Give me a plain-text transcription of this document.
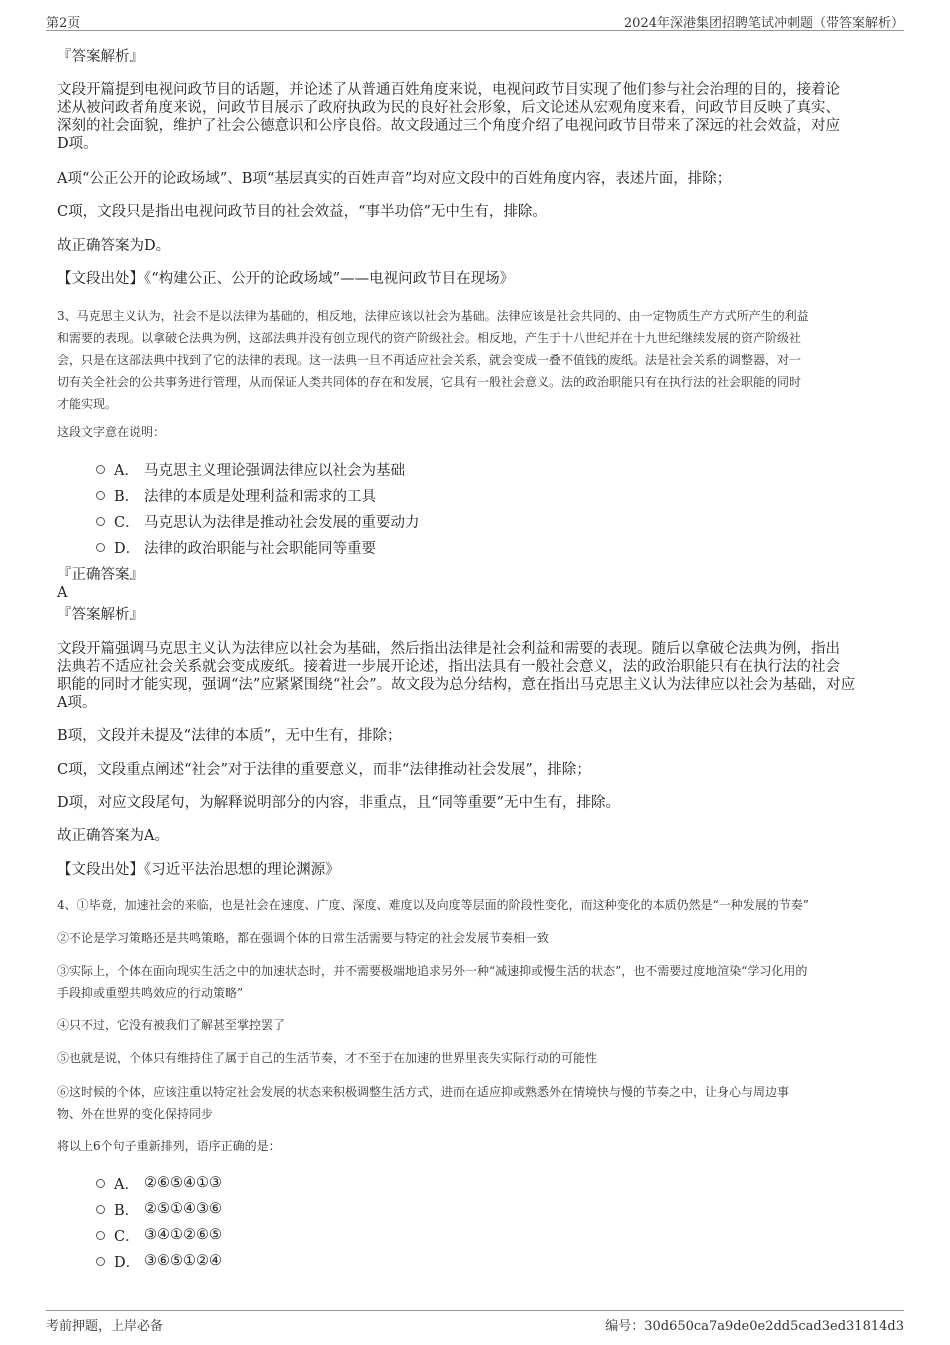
第2页	2024年深港集团招聘笔试冲刺题（带答案解析）
『答案解析』
文段开篇提到电视问政节目的话题，并论述了从普通百姓角度来说，电视问政节目实现了他们参与社会治理的目的，接着论
述从被问政者角度来说，问政节目展示了政府执政为民的良好社会形象，后文论述从宏观角度来看，问政节目反映了真实、
深刻的社会面貌，维护了社会公德意识和公序良俗。故文段通过三个角度介绍了电视问政节目带来了深远的社会效益，对应
D项。
A项“公正公开的论政场域”、B项“基层真实的百姓声音”均对应文段中的百姓角度内容，表述片面，排除；
C项，文段只是指出电视问政节目的社会效益，“事半功倍”无中生有，排除。
故正确答案为D。
【文段出处】《“构建公正、公开的论政场域”——电视问政节目在现场》
3、马克思主义认为，社会不是以法律为基础的，相反地，法律应该以社会为基础。法律应该是社会共同的、由一定物质生产方式所产生的利益
和需要的表现。以拿破仑法典为例，这部法典并没有创立现代的资产阶级社会。相反地，产生于十八世纪并在十九世纪继续发展的资产阶级社
会，只是在这部法典中找到了它的法律的表现。这一法典一旦不再适应社会关系，就会变成一叠不值钱的废纸。法是社会关系的调整器，对一
切有关全社会的公共事务进行管理，从而保证人类共同体的存在和发展，它具有一般社会意义。法的政治职能只有在执行法的社会职能的同时
才能实现。
这段文字意在说明：
A． 马克思主义理论强调法律应以社会为基础
B． 法律的本质是处理利益和需求的工具
C． 马克思认为法律是推动社会发展的重要动力
D． 法律的政治职能与社会职能同等重要
『正确答案』
A
『答案解析』
文段开篇强调马克思主义认为法律应以社会为基础，然后指出法律是社会利益和需要的表现。随后以拿破仑法典为例，指出
法典若不适应社会关系就会变成废纸。接着进一步展开论述，指出法具有一般社会意义，法的政治职能只有在执行法的社会
职能的同时才能实现，强调“法”应紧紧围绕“社会”。故文段为总分结构，意在指出马克思主义认为法律应以社会为基础，对应
A项。
B项，文段并未提及“法律的本质”，无中生有，排除；
C项，文段重点阐述“社会”对于法律的重要意义，而非“法律推动社会发展”，排除；
D项，对应文段尾句，为解释说明部分的内容，非重点，且“同等重要”无中生有，排除。
故正确答案为A。
【文段出处】《习近平法治思想的理论渊源》
4、①毕竟，加速社会的来临，也是社会在速度、广度、深度、难度以及向度等层面的阶段性变化，而这种变化的本质仍然是“一种发展的节奏”
②不论是学习策略还是共鸣策略，都在强调个体的日常生活需要与特定的社会发展节奏相一致
③实际上，个体在面向现实生活之中的加速状态时，并不需要极端地追求另外一种“减速抑或慢生活的状态”，也不需要过度地渲染“学习化用的
手段抑或重塑共鸣效应的行动策略”
④只不过，它没有被我们了解甚至掌控罢了
⑤也就是说，个体只有维持住了属于自己的生活节奏，才不至于在加速的世界里丧失实际行动的可能性
⑥这时候的个体，应该注重以特定社会发展的状态来积极调整生活方式，进而在适应抑或熟悉外在情境快与慢的节奏之中，让身心与周边事
物、外在世界的变化保持同步
将以上6个句子重新排列，语序正确的是：
A． ②⑥⑤④①③
B． ②⑤①④③⑥
C． ③④①②⑥⑤
D． ③⑥⑤①②④
考前押题，上岸必备	编号：30d650ca7a9de0e2dd5cad3ed31814d3
